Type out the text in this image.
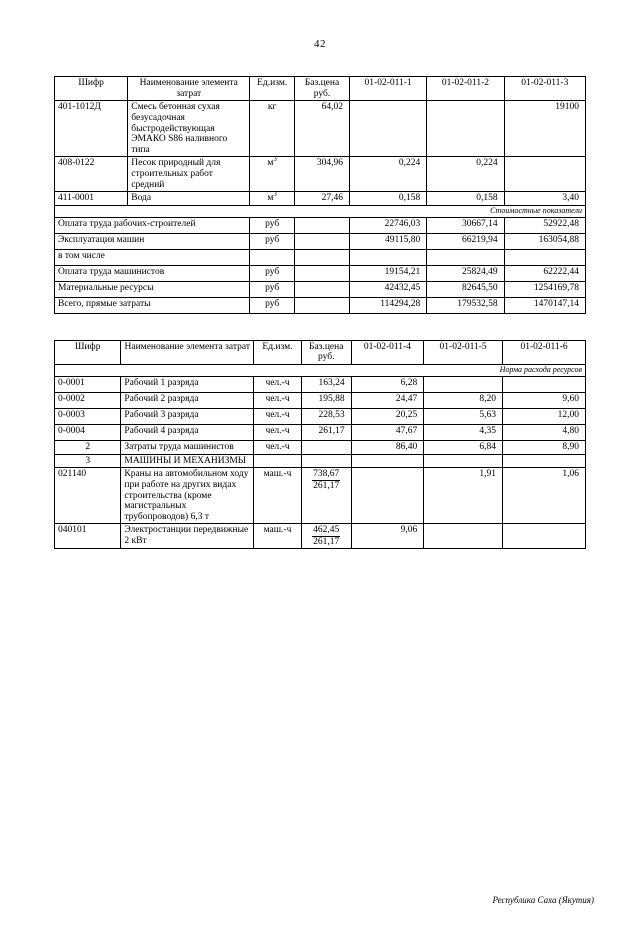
42
Шифр	Наименование элемента затрат	Ед.изм.	Баз.цена руб.	01-02-011-1	01-02-011-2	01-02-011-3
401-1012Д	Смесь бетонная сухая безусадочная быстродействующая ЭМАКО S86 наливного типа	кг	64,02			19100
408-0122	Песок природный для строительных работ средний	$м^3$	304,96	0,224	0,224	
411-0001	Вода	$м^3$	27,46	0,158	0,158	3,40
Стоимостные показатели						
Оплата труда рабочих-строителей		руб		22746,03	30667,14	52922,48
Эксплуатация машин		руб		49115,80	66219,94	163054,88
в том числе						
Оплата труда машинистов		руб		19154,21	25824,49	62222,44
Материальные ресурсы		руб		42432,45	82645,50	1254169,78
Всего, прямые затраты		руб		114294,28	179532,58	1470147,14
Шифр	Наименование элемента затрат	Ед.изм.	Баз.цена руб.	01-02-011-4	01-02-011-5	01-02-011-6
Норма расхода ресурсов						
0-0001	Рабочий 1 разряда	чел.-ч	163,24	6,28		
0-0002	Рабочий 2 разряда	чел.-ч	195,88	24,47	8,20	9,60
0-0003	Рабочий 3 разряда	чел.-ч	228,53	20,25	5,63	12,00
0-0004	Рабочий 4 разряда	чел.-ч	261,17	47,67	4,35	4,80
2	Затраты труда машинистов	чел.-ч		86,40	6,84	8,90
3	МАШИНЫ И МЕХАНИЗМЫ					
021140	Краны на автомобильном ходу при работе на других видах строительства (кроме магистральных трубопроводов) 6,3 т	маш.-ч	$\frac{738,67}{261,17}$		1,91	1,06
040101	Электростанции передвижные 2 кВт	маш.-ч	$\frac{462,45}{261,17}$	9,06		
Республика Саха (Якутия)
